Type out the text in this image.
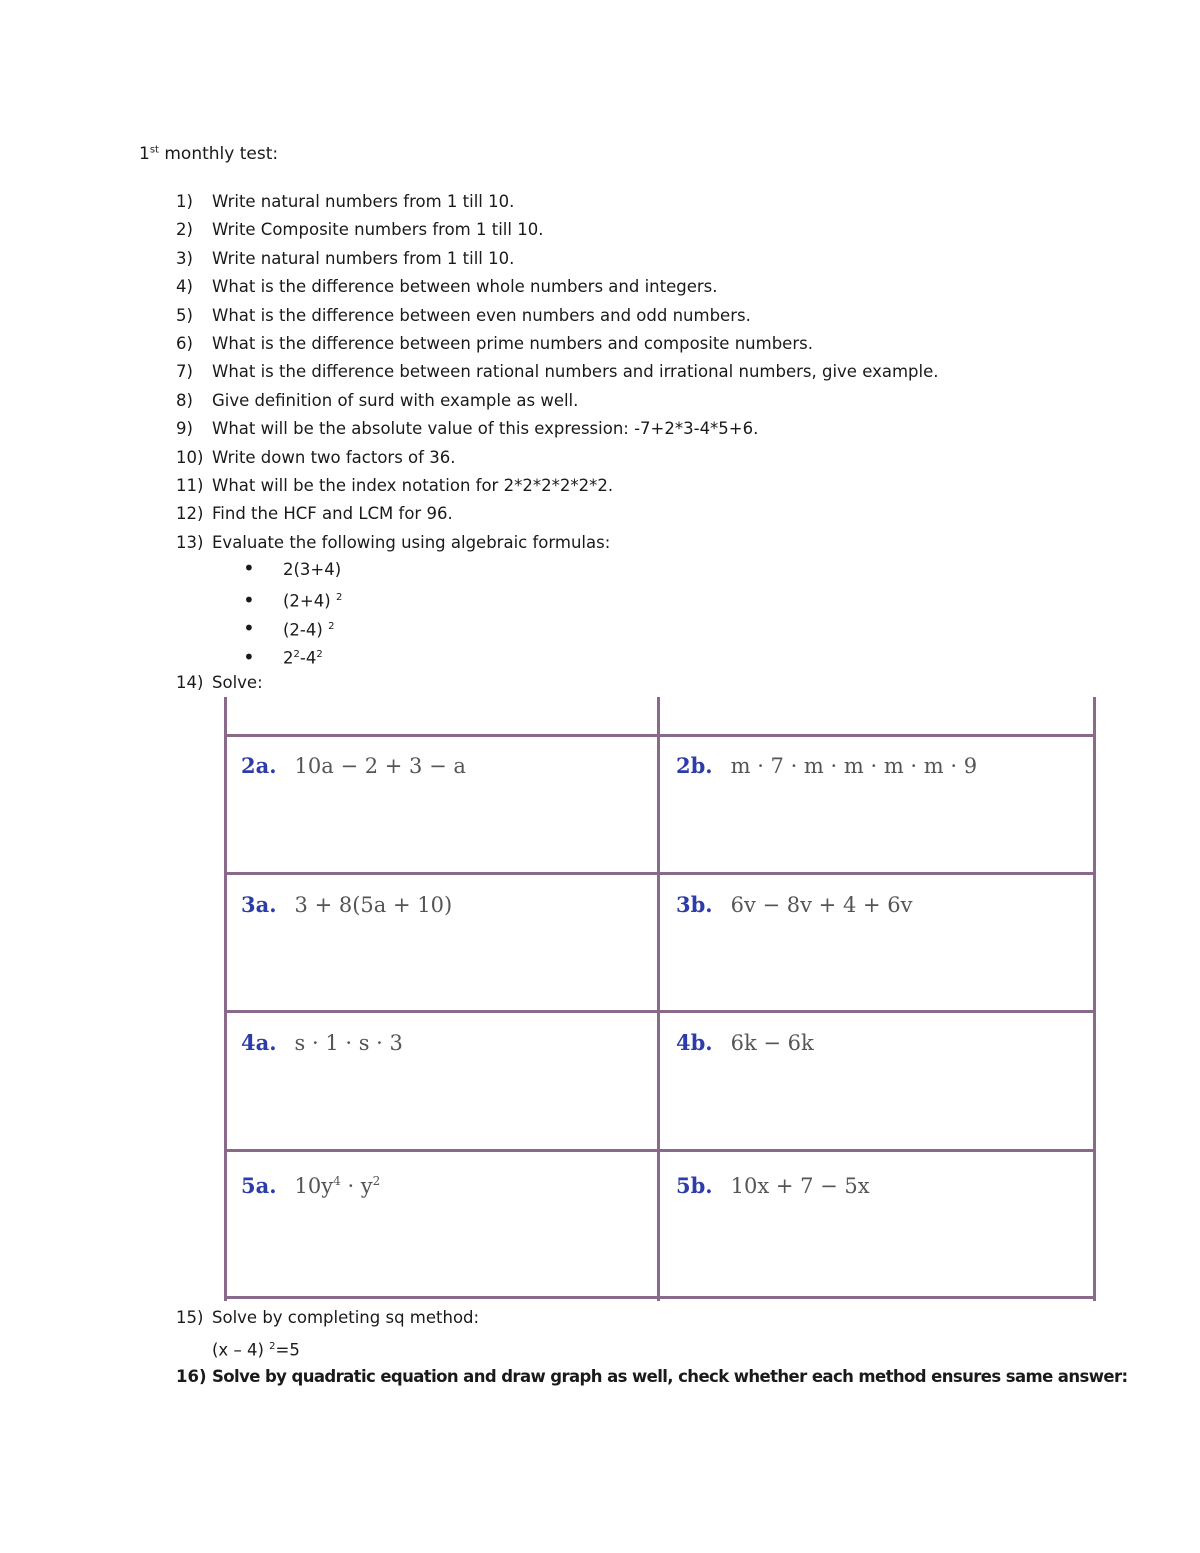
1st monthly test:
1) Write natural numbers from 1 till 10.
2) Write Composite numbers from 1 till 10.
3) Write natural numbers from 1 till 10.
4) What is the difference between whole numbers and integers.
5) What is the difference between even numbers and odd numbers.
6) What is the difference between prime numbers and composite numbers.
7) What is the difference between rational numbers and irrational numbers, give example.
8) Give definition of surd with example as well.
9) What will be the absolute value of this expression: -7+2*3-4*5+6.
10) Write down two factors of 36.
11) What will be the index notation for 2*2*2*2*2*2.
12) Find the HCF and LCM for 96.
13) Evaluate the following using algebraic formulas:
• 2(3+4)
• (2+4) $^2$
• (2-4) $^2$
• $2^2-4^2$
14) Solve:
2a. 10a − 2 + 3 − a	2b. m · 7 · m · m · m · m · 9
3a. 3 + 8(5a + 10)	3b. 6v − 8v + 4 + 6v
4a. s · 1 · s · 3	4b. 6k − 6k
5a. $10y^4 \cdot y^2$	5b. 10x + 7 − 5x
15) Solve by completing sq method:
(x – 4) $^2$=5
16) Solve by quadratic equation and draw graph as well, check whether each method ensures same answer:
